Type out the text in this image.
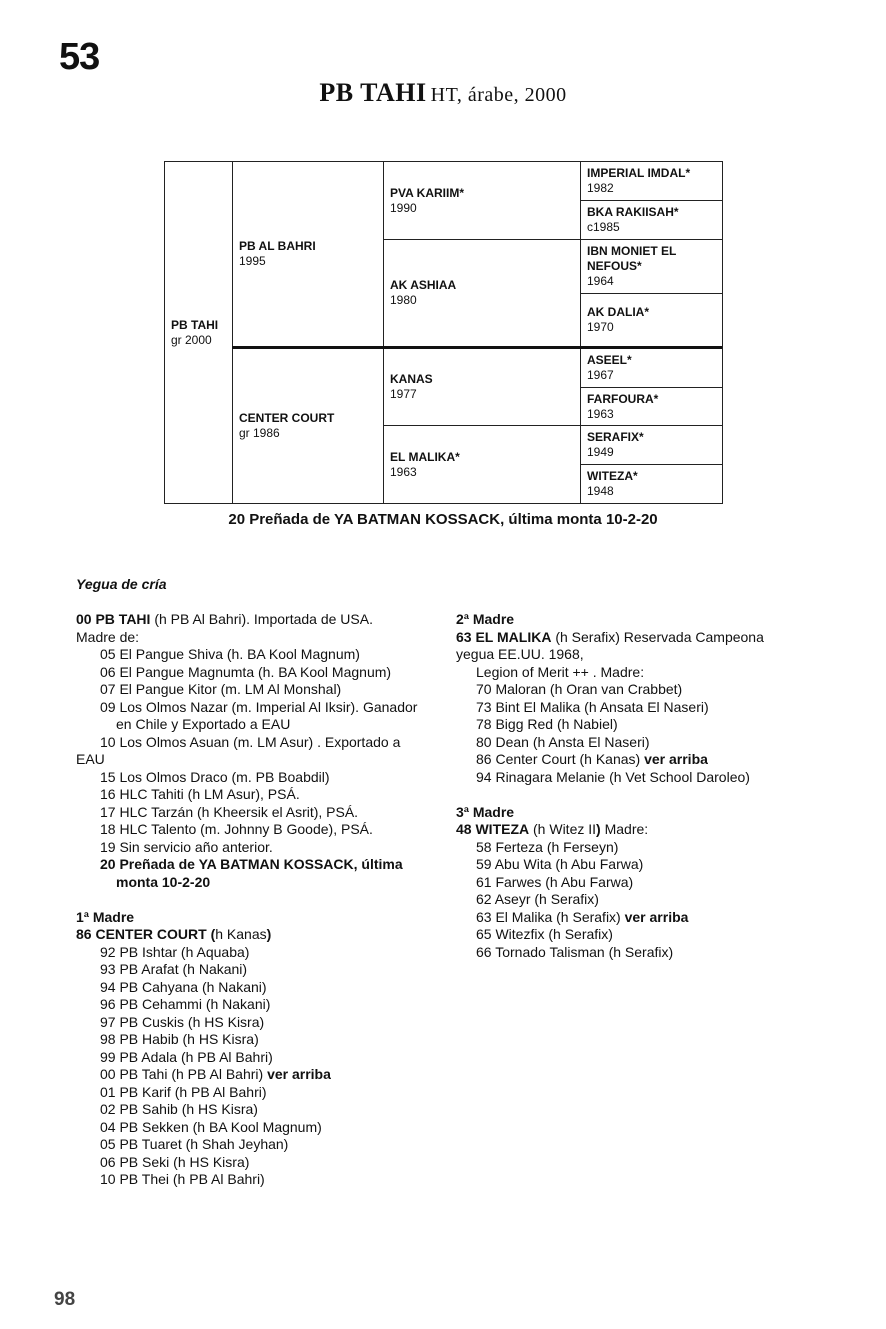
53
PB TAHI HT, árabe, 2000
PB TAHI
gr 2000
PB AL BAHRI
1995
CENTER COURT
gr 1986
PVA KARIIM*
1990
AK ASHIAA
1980
KANAS
1977
EL MALIKA*
1963
IMPERIAL IMDAL*
1982
BKA RAKIISAH*
c1985
IBN MONIET EL NEFOUS*
1964
AK DALIA*
1970
ASEEL*
1967
FARFOURA*
1963
SERAFIX*
1949
WITEZA*
1948
20 Preñada de YA BATMAN KOSSACK, última monta 10-2-20
Yegua de cría
00 PB TAHI (h PB Al Bahri). Importada de USA.
Madre de:
05 El Pangue Shiva (h. BA Kool Magnum)
06 El Pangue Magnumta (h. BA Kool Magnum)
07 El Pangue Kitor (m. LM Al Monshal)
09 Los Olmos Nazar (m. Imperial Al Iksir). Ganador en Chile y Exportado a EAU
10 Los Olmos Asuan (m. LM Asur) . Exportado a
EAU
15 Los Olmos Draco (m. PB Boabdil)
16 HLC Tahiti (h LM Asur), PSÁ.
17 HLC Tarzán (h Kheersik el Asrit), PSÁ.
18 HLC Talento (m. Johnny B Goode), PSÁ.
19 Sin servicio año anterior.
20 Preñada de YA BATMAN KOSSACK, última monta 10-2-20
1ª Madre
86 CENTER COURT (h Kanas)
92 PB Ishtar (h Aquaba)
93 PB Arafat (h Nakani)
94 PB Cahyana (h Nakani)
96 PB Cehammi (h Nakani)
97 PB Cuskis (h HS Kisra)
98 PB Habib (h HS Kisra)
99 PB Adala (h PB Al Bahri)
00 PB Tahi (h PB Al Bahri) ver arriba
01 PB Karif (h PB Al Bahri)
02 PB Sahib (h HS Kisra)
04 PB Sekken (h BA Kool Magnum)
05 PB Tuaret (h Shah Jeyhan)
06 PB Seki (h HS Kisra)
10 PB Thei (h PB Al Bahri)
2ª Madre
63 EL MALIKA (h Serafix) Reservada Campeona
yegua EE.UU. 1968,
Legion of Merit ++ . Madre:
70 Maloran (h Oran van Crabbet)
73 Bint El Malika (h Ansata El Naseri)
78 Bigg Red (h Nabiel)
80 Dean (h Ansta El Naseri)
86 Center Court (h Kanas) ver arriba
94 Rinagara Melanie (h Vet School Daroleo)
3ª Madre
48 WITEZA (h Witez II) Madre:
58 Ferteza (h Ferseyn)
59 Abu Wita (h Abu Farwa)
61 Farwes (h Abu Farwa)
62 Aseyr (h Serafix)
63 El Malika (h Serafix) ver arriba
65 Witezfix (h Serafix)
66 Tornado Talisman (h Serafix)
98
